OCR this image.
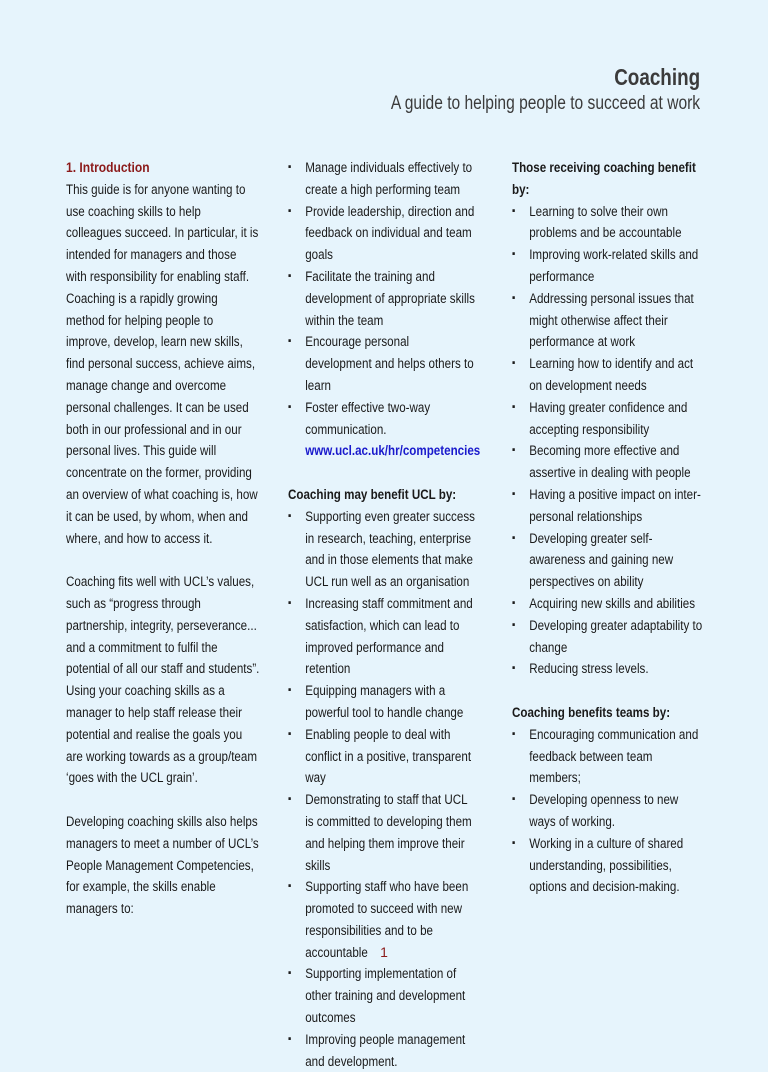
Coaching
A guide to helping people to succeed at work
1. Introduction

This guide is for anyone wanting to use coaching skills to help colleagues succeed. In particular, it is intended for managers and those with responsibility for enabling staff. Coaching is a rapidly growing method for helping people to improve, develop, learn new skills, find personal success, achieve aims, manage change and overcome personal challenges. It can be used both in our professional and in our personal lives. This guide will concentrate on the former, providing an overview of what coaching is, how it can be used, by whom, when and where, and how to access it.

Coaching fits well with UCL’s values, such as “progress through partnership, integrity, perseverance... and a commitment to fulfil the potential of all our staff and students”. Using your coaching skills as a manager to help staff release their potential and realise the goals you are working towards as a group/team ‘goes with the UCL grain’.

Developing coaching skills also helps managers to meet a number of UCL’s People Management Competencies, for example, the skills enable managers to:

▪ Manage individuals effectively to create a high performing team
▪ Provide leadership, direction and feedback on individual and team goals
▪ Facilitate the training and development of appropriate skills within the team
▪ Encourage personal development and helps others to learn
▪ Foster effective two-way communication.
www.ucl.ac.uk/hr/competencies
Coaching may benefit UCL by:
▪ Supporting even greater success in research, teaching, enterprise and in those elements that make UCL run well as an organisation
▪ Increasing staff commitment and satisfaction, which can lead to improved performance and retention
▪ Equipping managers with a powerful tool to handle change
▪ Enabling people to deal with conflict in a positive, transparent way
▪ Demonstrating to staff that UCL is committed to developing them and helping them improve their skills
▪ Supporting staff who have been promoted to succeed with new responsibilities and to be accountable
▪ Supporting implementation of other training and development outcomes
▪ Improving people management and development.
Those receiving coaching benefit by:
▪ Learning to solve their own problems and be accountable
▪ Improving work-related skills and performance
▪ Addressing personal issues that might otherwise affect their performance at work
▪ Learning how to identify and act on development needs
▪ Having greater confidence and accepting responsibility
▪ Becoming more effective and assertive in dealing with people
▪ Having a positive impact on inter-personal relationships
▪ Developing greater self-awareness and gaining new perspectives on ability
▪ Acquiring new skills and abilities
▪ Developing greater adaptability to change
▪ Reducing stress levels.
Coaching benefits teams by:
▪ Encouraging communication and feedback between team members;
▪ Developing openness to new ways of working.
▪ Working in a culture of shared understanding, possibilities, options and decision-making.
1
